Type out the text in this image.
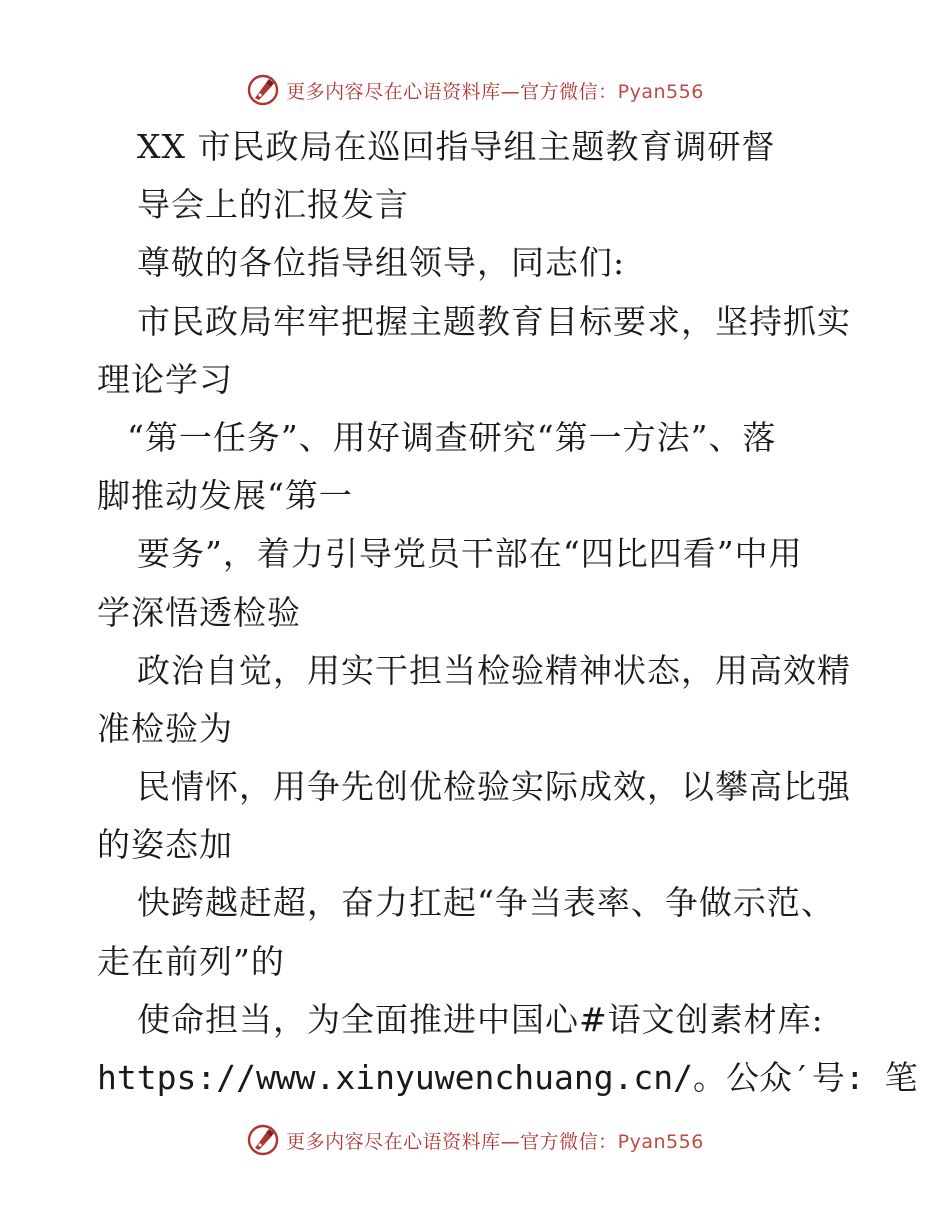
更多内容尽在心语资料库—官方微信：Pyan556
XX 市民政局在巡回指导组主题教育调研督
导会上的汇报发言
尊敬的各位指导组领导，同志们:
市民政局牢牢把握主题教育目标要求，坚持抓实
理论学习
“第一任务”、用好调查研究“第一方法”、落
脚推动发展“第一
要务”，着力引导党员干部在“四比四看”中用
学深悟透检验
政治自觉，用实干担当检验精神状态，用高效精
准检验为
民情怀，用争先创优检验实际成效，以攀高比强
的姿态加
快跨越赶超，奋力扛起“争当表率、争做示范、
走在前列”的
使命担当，为全面推进中国心#语文创素材库:
https://www.xinyuwenchuang.cn/。公众′号: 笔
更多内容尽在心语资料库—官方微信：Pyan556
